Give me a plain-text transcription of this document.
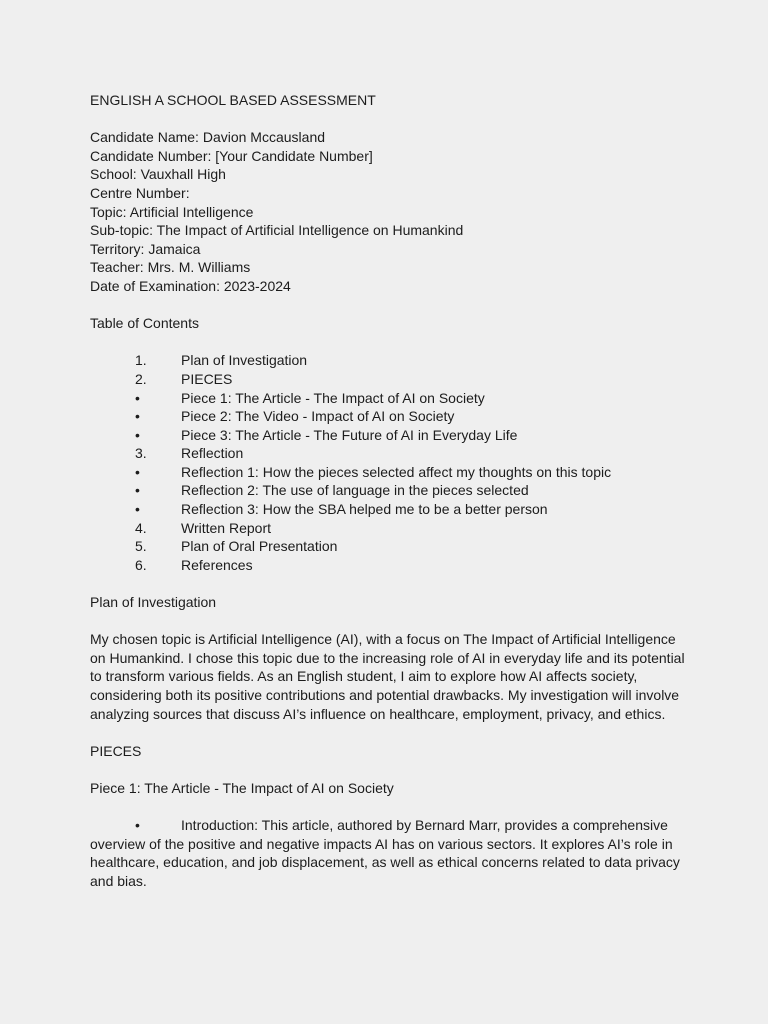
ENGLISH A SCHOOL BASED ASSESSMENT
Candidate Name: Davion Mccausland
Candidate Number: [Your Candidate Number]
School: Vauxhall High
Centre Number:
Topic: Artificial Intelligence
Sub-topic: The Impact of Artificial Intelligence on Humankind
Territory: Jamaica
Teacher: Mrs. M. Williams
Date of Examination: 2023-2024
Table of Contents
1.	Plan of Investigation
2.	PIECES
•	Piece 1: The Article - The Impact of AI on Society
•	Piece 2: The Video - Impact of AI on Society
•	Piece 3: The Article - The Future of AI in Everyday Life
3.	Reflection
•	Reflection 1: How the pieces selected affect my thoughts on this topic
•	Reflection 2: The use of language in the pieces selected
•	Reflection 3: How the SBA helped me to be a better person
4.	Written Report
5.	Plan of Oral Presentation
6.	References
Plan of Investigation
My chosen topic is Artificial Intelligence (AI), with a focus on The Impact of Artificial Intelligence
on Humankind. I chose this topic due to the increasing role of AI in everyday life and its potential
to transform various fields. As an English student, I aim to explore how AI affects society,
considering both its positive contributions and potential drawbacks. My investigation will involve
analyzing sources that discuss AI’s influence on healthcare, employment, privacy, and ethics.
PIECES
Piece 1: The Article - The Impact of AI on Society
•	Introduction: This article, authored by Bernard Marr, provides a comprehensive
overview of the positive and negative impacts AI has on various sectors. It explores AI’s role in
healthcare, education, and job displacement, as well as ethical concerns related to data privacy
and bias.
